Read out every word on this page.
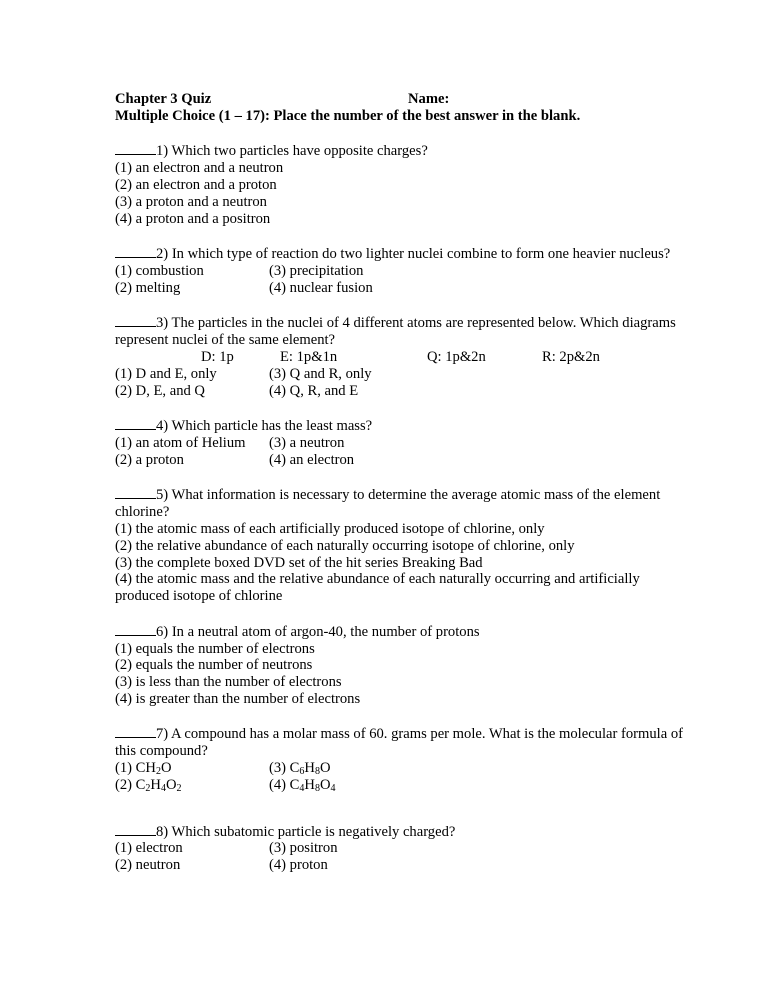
Chapter 3 Quiz	Name:
Multiple Choice (1 – 17): Place the number of the best answer in the blank.
1) Which two particles have opposite charges?
(1) an electron and a neutron
(2) an electron and a proton
(3) a proton and a neutron
(4) a proton and a positron
2) In which type of reaction do two lighter nuclei combine to form one heavier nucleus?
(1) combustion	(3) precipitation
(2) melting	(4) nuclear fusion
3) The particles in the nuclei of 4 different atoms are represented below. Which diagrams
represent nuclei of the same element?
D: 1p	E: 1p&1n	Q: 1p&2n	R: 2p&2n
(1) D and E, only	(3) Q and R, only
(2) D, E, and Q	(4) Q, R, and E
4) Which particle has the least mass?
(1) an atom of Helium (3) a neutron
(2) a proton	(4) an electron
5) What information is necessary to determine the average atomic mass of the element
chlorine?
(1) the atomic mass of each artificially produced isotope of chlorine, only
(2) the relative abundance of each naturally occurring isotope of chlorine, only
(3) the complete boxed DVD set of the hit series Breaking Bad
(4) the atomic mass and the relative abundance of each naturally occurring and artificially
produced isotope of chlorine
6) In a neutral atom of argon-40, the number of protons
(1) equals the number of electrons
(2) equals the number of neutrons
(3) is less than the number of electrons
(4) is greater than the number of electrons
7) A compound has a molar mass of 60. grams per mole. What is the molecular formula of
this compound?
(1) $CH_2O$	(3) $C_6H_8O$
(2) $C_2H_4O_2$	(4) $C_4H_8O_4$
8) Which subatomic particle is negatively charged?
(1) electron	(3) positron
(2) neutron	(4) proton
